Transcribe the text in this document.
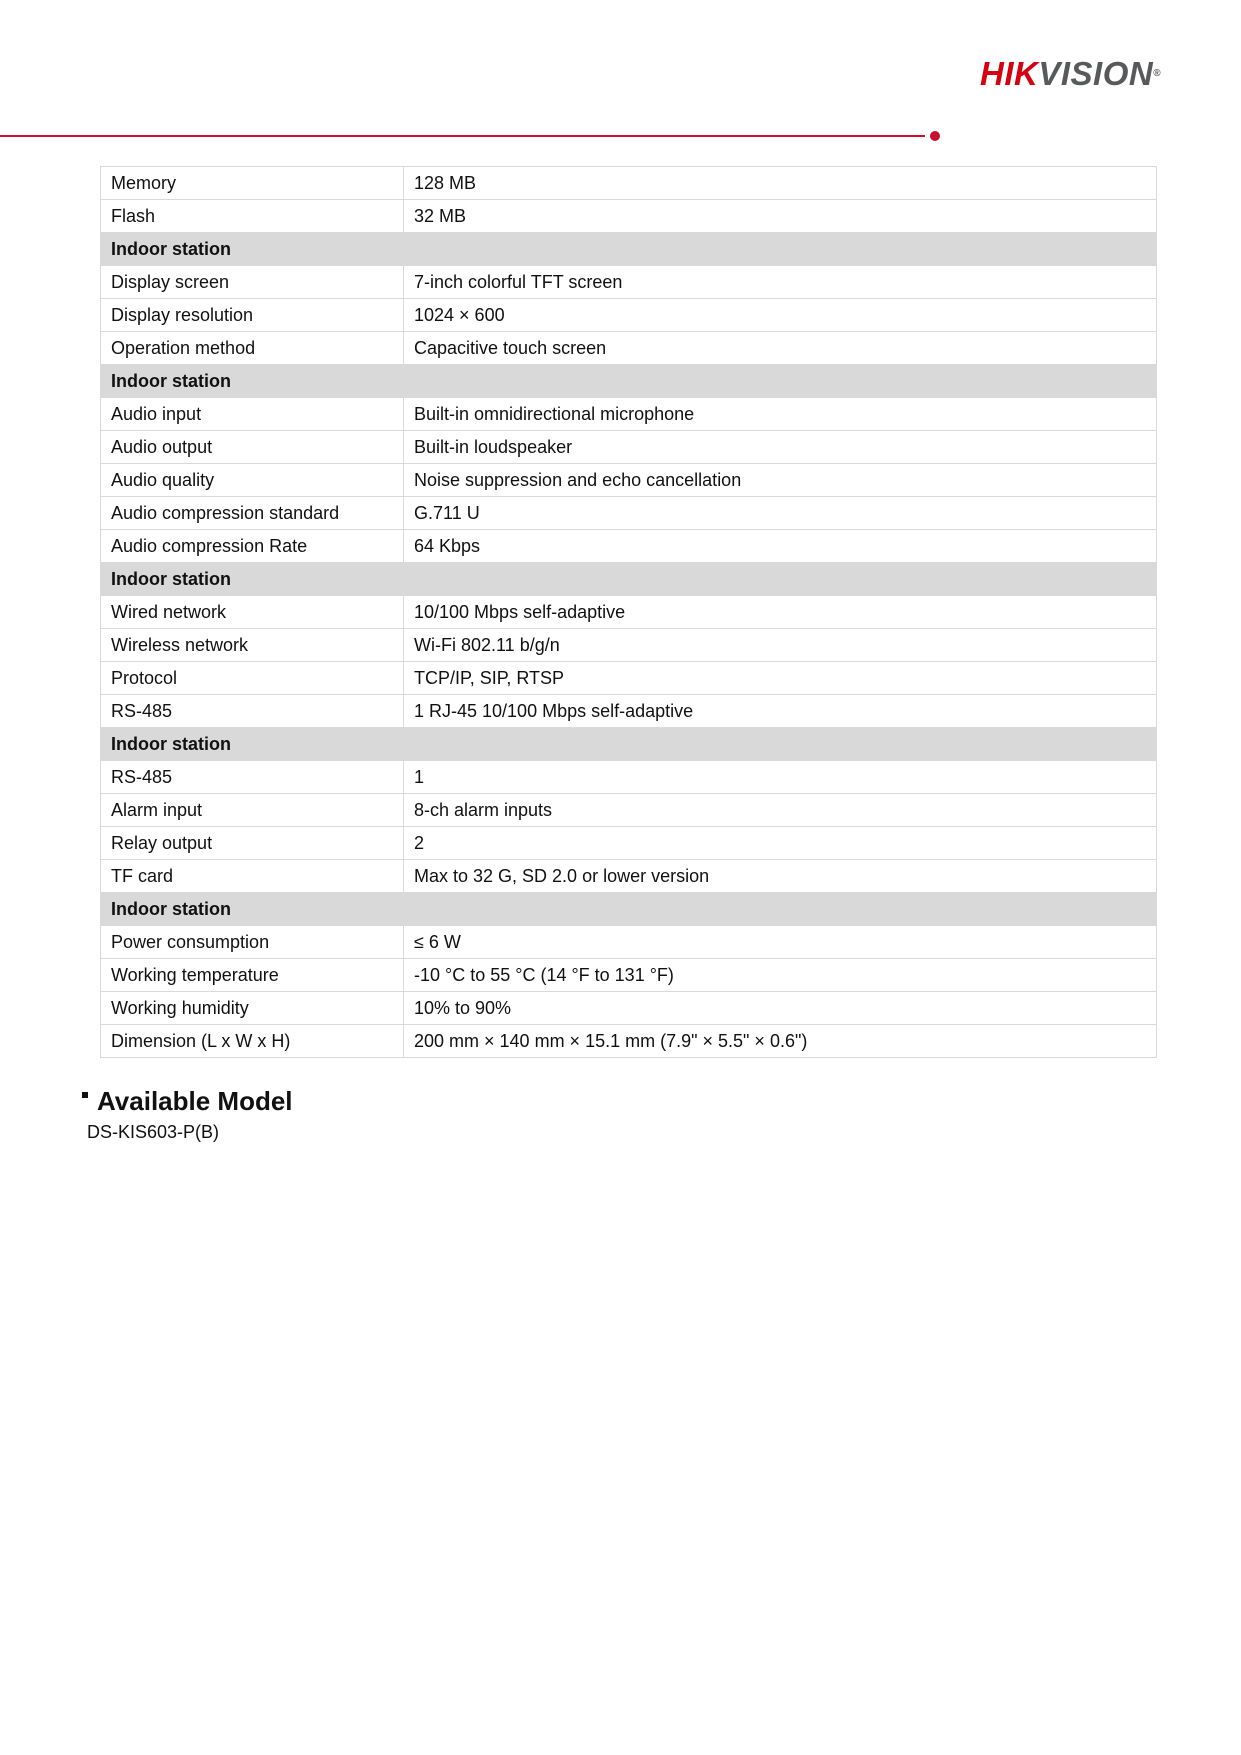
HIKVISION®
Memory	128 MB
Flash	32 MB
Indoor station	
Display screen	7-inch colorful TFT screen
Display resolution	1024 × 600
Operation method	Capacitive touch screen
Indoor station	
Audio input	Built-in omnidirectional microphone
Audio output	Built-in loudspeaker
Audio quality	Noise suppression and echo cancellation
Audio compression standard	G.711 U
Audio compression Rate	64 Kbps
Indoor station	
Wired network	10/100 Mbps self-adaptive
Wireless network	Wi-Fi 802.11 b/g/n
Protocol	TCP/IP, SIP, RTSP
RS-485	1 RJ-45 10/100 Mbps self-adaptive
Indoor station	
RS-485	1
Alarm input	8-ch alarm inputs
Relay output	2
TF card	Max to 32 G, SD 2.0 or lower version
Indoor station	
Power consumption	≤ 6 W
Working temperature	-10 °C to 55 °C (14 °F to 131 °F)
Working humidity	10% to 90%
Dimension (L x W x H)	200 mm × 140 mm × 15.1 mm (7.9" × 5.5" × 0.6")
Available Model
DS-KIS603-P(B)
